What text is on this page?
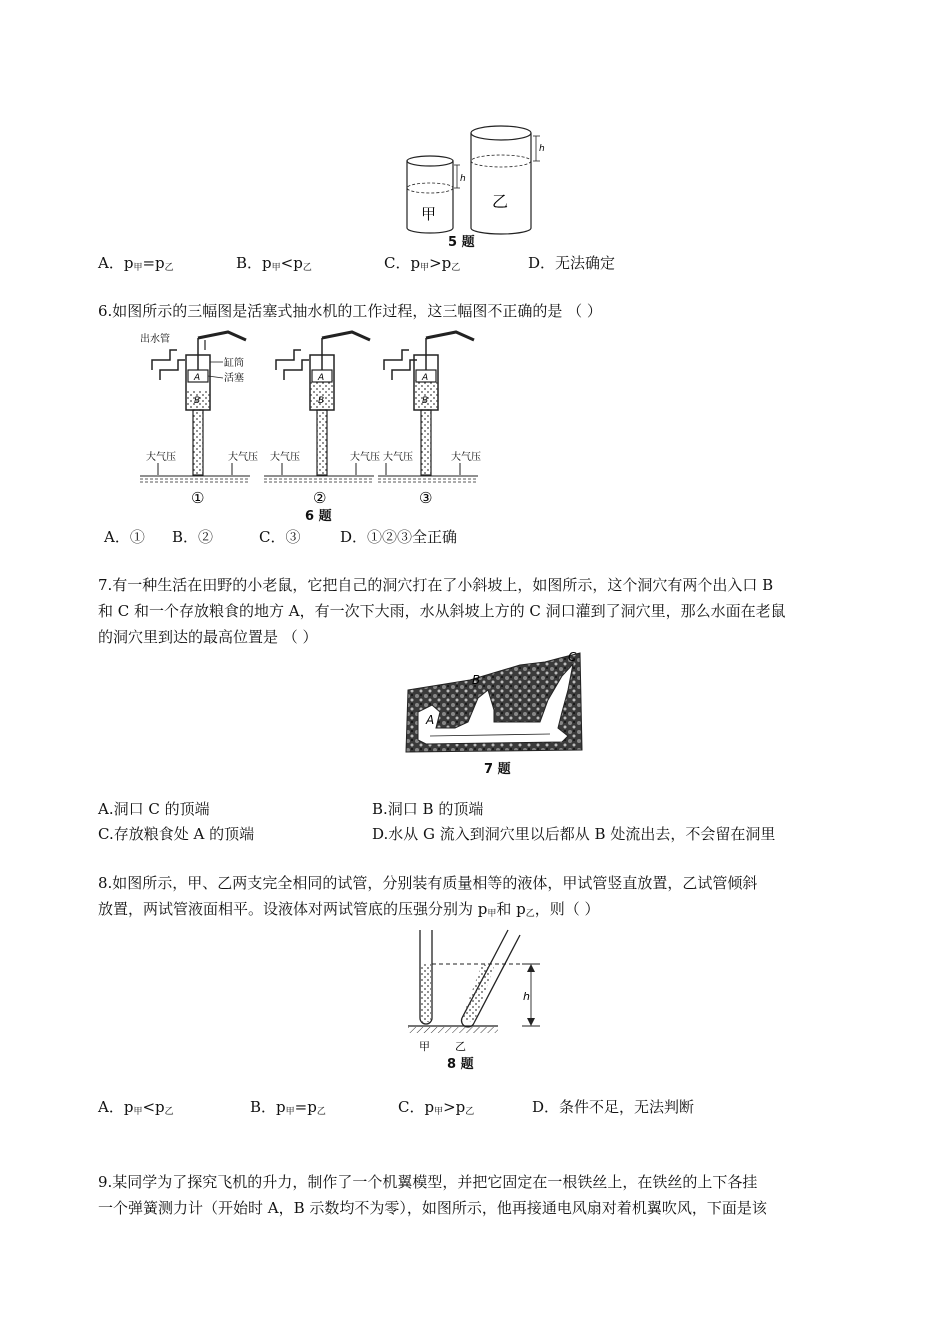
甲
h
乙
h
5 题
A．$p_甲=p_乙$	B．$p_甲<p_乙$	C．$p_甲>p_乙$	D．无法确定
6.如图所示的三幅图是活塞式抽水机的工作过程，这三幅图不正确的是 （ ）
A
B
出水管
缸筒
活塞
大气压	大气压
①
A
B
大气压	大气压
②
A
B
大气压	大气压
③
6 题
A．① B．②	C．③	D．①②③全正确
7.有一种生活在田野的小老鼠，它把自己的洞穴打在了小斜坡上，如图所示，这个洞穴有两个出入口 B
和 C 和一个存放粮食的地方 A，有一次下大雨，水从斜坡上方的 C 洞口灌到了洞穴里，那么水面在老鼠
的洞穴里到达的最高位置是 （ ）
A
B
C
7 题
A.洞口 C 的顶端	B.洞口 B 的顶端
C.存放粮食处 A 的顶端	D.水从 G 流入到洞穴里以后都从 B 处流出去，不会留在洞里
8.如图所示，甲、乙两支完全相同的试管，分别装有质量相等的液体，甲试管竖直放置，乙试管倾斜
放置，两试管液面相平。设液体对两试管底的压强分别为 $p_甲$和 $p_乙$，则（ ）
h
甲 乙
8 题
A．$p_甲<p_乙$	B．$p_甲=p_乙$	C．$p_甲>p_乙$	D．条件不足，无法判断
9.某同学为了探究飞机的升力，制作了一个机翼模型，并把它固定在一根铁丝上，在铁丝的上下各挂
一个弹簧测力计（开始时 A，B 示数均不为零），如图所示，他再接通电风扇对着机翼吹风，下面是该
